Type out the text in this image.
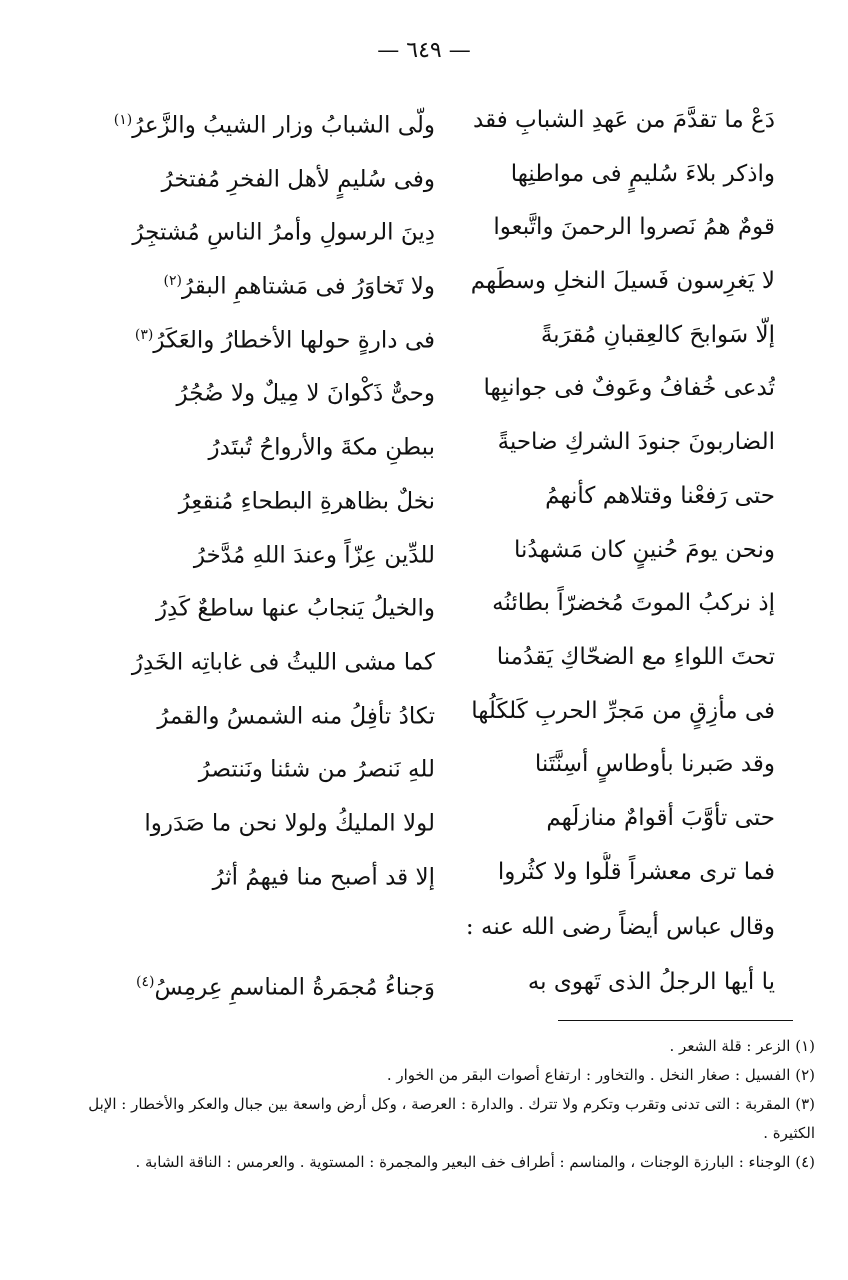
— ٦٤٩ —
دَعْ ما تقدَّمَ من عَهدِ الشبابِ فقد
ولّى الشبابُ وزار الشيبُ والزَّعرُ$^{(١)}$
واذكر بلاءَ سُليمٍ فى مواطنِها
وفى سُليمٍ لأهل الفخرِ مُفتخرُ
قومٌ همُ نَصروا الرحمنَ واتَّبعوا
دِينَ الرسولِ وأمرُ الناسِ مُشتجِرُ
لا يَغرِسون فَسيلَ النخلِ وسطَهم
ولا تَخاوَرُ فى مَشتاهمِ البقرُ$^{(٢)}$
إلّا سَوابحَ كالعِقبانِ مُقرَبةً
فى دارةٍ حولها الأخطارُ والعَكَرُ$^{(٣)}$
تُدعى خُفافُ وعَوفٌ فى جوانبِها
وحىٌّ ذَكْوانَ لا مِيلٌ ولا ضُجُرُ
الضاربونَ جنودَ الشركِ ضاحيةً
ببطنِ مكةَ والأرواحُ تُبتَدرُ
حتى رَفعْنا وقتلاهم كأنهمُ
نخلٌ بظاهرةِ البطحاءِ مُنقعِرُ
ونحن يومَ حُنينٍ كان مَشهدُنا
للدِّين عِزّاً وعندَ اللهِ مُدَّخرُ
إذ نركبُ الموتَ مُخضرّاً بطائنُه
والخيلُ يَنجابُ عنها ساطعٌ كَدِرُ
تحتَ اللواءِ مع الضحّاكِ يَقدُمنا
كما مشى الليثُ فى غاباتِه الخَدِرُ
فى مأزِقٍ من مَجرِّ الحربِ كَلكَلُها
تكادُ تأفِلُ منه الشمسُ والقمرُ
وقد صَبرنا بأوطاسٍ أسِنَّتَنا
للهِ نَنصرُ من شئنا ونَنتصرُ
حتى تأوَّبَ أقوامٌ منازلَهم
لولا المليكُ ولولا نحن ما صَدَروا
فما ترى معشراً قلُّوا ولا كثُروا
إلا قد أصبح منا فيهمُ أثرُ
وقال عباس أيضاً رضى الله عنه :
يا أيها الرجلُ الذى تَهوى به
وَجناءُ مُجمَرةُ المناسمِ عِرمِسُ$^{(٤)}$

(١) الزعر : قلة الشعر .

(٢) الفسيل : صغار النخل . والتخاور : ارتفاع أصوات البقر من الخوار .

(٣) المقربة : التى تدنى وتقرب وتكرم ولا تترك . والدارة : العرصة ، وكل أرض واسعة بين جبال والعكر والأخطار : الإبل الكثيرة .

(٤) الوجناء : البارزة الوجنات ، والمناسم : أطراف خف البعير والمجمرة : المستوية . والعرمس : الناقة الشابة .
